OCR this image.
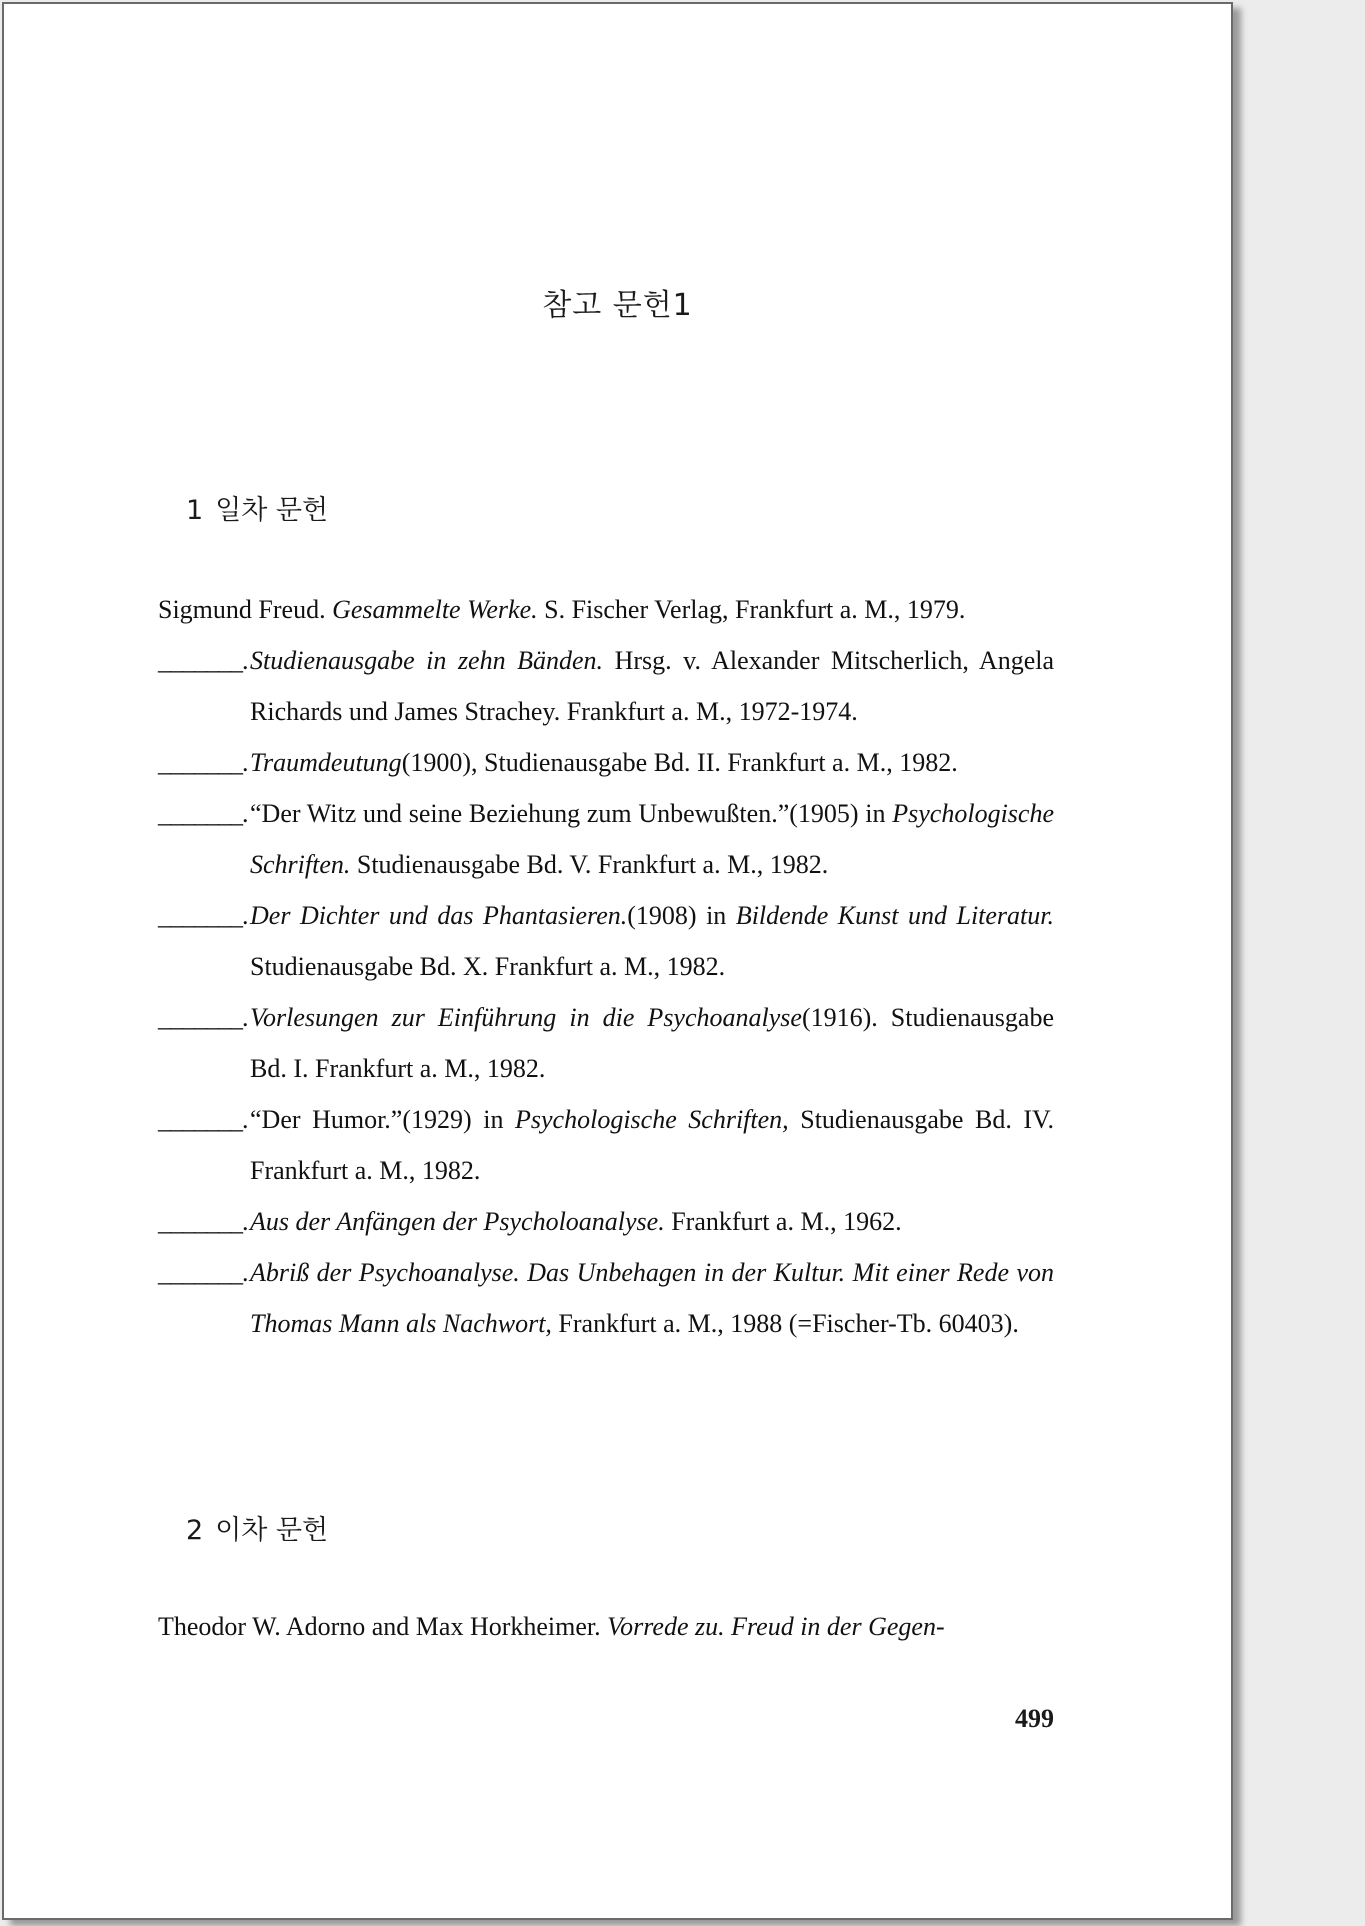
참고 문헌1
1 일차 문헌
Sigmund Freud. Gesammelte Werke. S. Fischer Verlag, Frankfurt a. M., 1979.
_______.Studienausgabe in zehn Bänden. Hrsg. v. Alexander Mitscherlich, Angela Richards und James Strachey. Frankfurt a. M., 1972-1974.
_______.Traumdeutung(1900), Studienausgabe Bd. II. Frankfurt a. M., 1982.
_______.“Der Witz und seine Beziehung zum Unbewußten.”(1905) in Psychologische Schriften. Studienausgabe Bd. V. Frankfurt a. M., 1982.
_______.Der Dichter und das Phantasieren.(1908) in Bildende Kunst und Literatur. Studienausgabe Bd. X. Frankfurt a. M., 1982.
_______.Vorlesungen zur Einführung in die Psychoanalyse(1916). Studienausgabe Bd. I. Frankfurt a. M., 1982.
_______.“Der Humor.”(1929) in Psychologische Schriften, Studienausgabe Bd. IV. Frankfurt a. M., 1982.
_______.Aus der Anfängen der Psycholoanalyse. Frankfurt a. M., 1962.
_______.Abriß der Psychoanalyse. Das Unbehagen in der Kultur. Mit einer Rede von Thomas Mann als Nachwort, Frankfurt a. M., 1988 (=Fischer-Tb. 60403).
2 이차 문헌
Theodor W. Adorno and Max Horkheimer. Vorrede zu. Freud in der Gegen-
499
